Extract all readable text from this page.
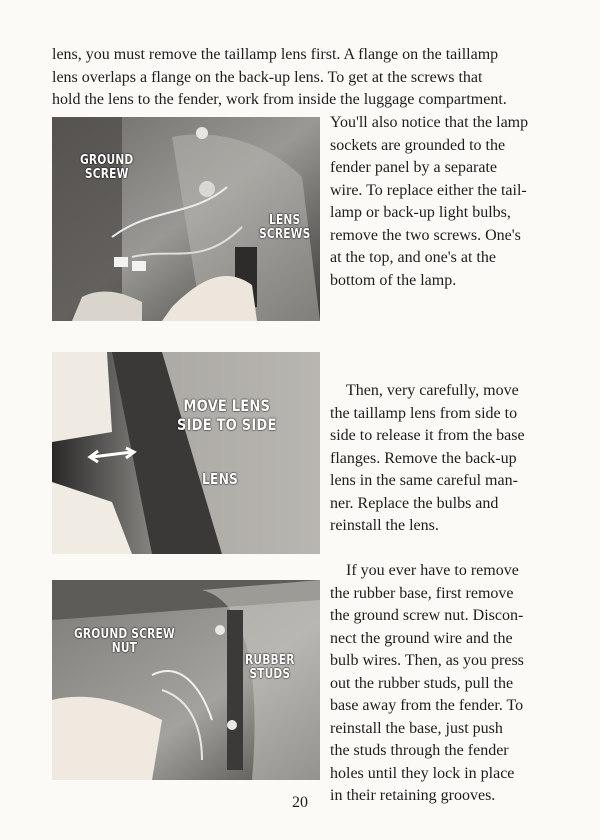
lens, you must remove the taillamp lens first. A flange on the taillamp
lens overlaps a flange on the back-up lens. To get at the screws that
hold the lens to the fender, work from inside the luggage compartment.
GROUND
SCREW
LENS
SCREWS
You'll also notice that the lamp
sockets are grounded to the
fender panel by a separate
wire. To replace either the tail-
lamp or back-up light bulbs,
remove the two screws. One's
at the top, and one's at the
bottom of the lamp.
MOVE LENS
SIDE TO SIDE
LENS
Then, very carefully, move
the taillamp lens from side to
side to release it from the base
flanges. Remove the back-up
lens in the same careful man-
ner. Replace the bulbs and
reinstall the lens.
GROUND SCREW
NUT
RUBBER
STUDS
If you ever have to remove
the rubber base, first remove
the ground screw nut. Discon-
nect the ground wire and the
bulb wires. Then, as you press
out the rubber studs, pull the
base away from the fender. To
reinstall the base, just push
the studs through the fender
holes until they lock in place
in their retaining grooves.
20
